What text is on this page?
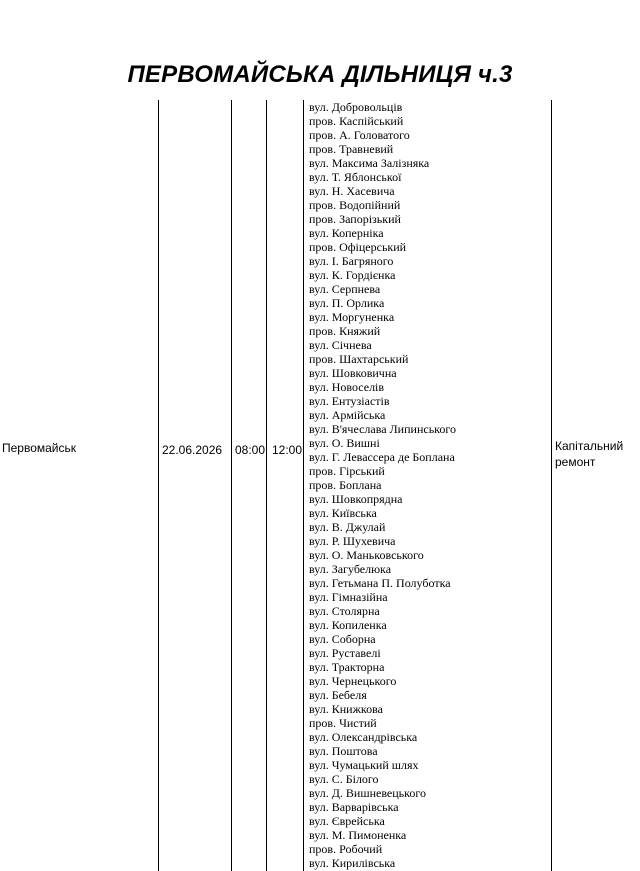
ПЕРВОМАЙСЬКА ДІЛЬНИЦЯ ч.3
Первомайськ	22.06.2026 08:00 12:00
вул. Добровольців
пров. Каспійський
пров. А. Головатого
пров. Травневий
вул. Максима Залізняка
вул. Т. Яблонської
вул. Н. Хасевича
пров. Водопійний
пров. Запорізький
вул. Коперніка
пров. Офіцерський
вул. І. Багряного
вул. К. Гордієнка
вул. Серпнева
вул. П. Орлика
вул. Моргуненка
пров. Княжий
вул. Січнева
пров. Шахтарський
вул. Шовковична
вул. Новоселів
вул. Ентузіастів
вул. Армійська
вул. В'ячеслава Липинського
вул. О. Вишні
вул. Г. Левассера де Боплана
пров. Гірський
пров. Боплана
вул. Шовкопрядна
вул. Київська
вул. В. Джулай
вул. Р. Шухевича
вул. О. Маньковського
вул. Загубелюка
вул. Гетьмана П. Полуботка
вул. Гімназійна
вул. Столярна
вул. Копиленка
вул. Соборна
вул. Руставелі
вул. Тракторна
вул. Чернецького
вул. Бебеля
вул. Книжкова
пров. Чистий
вул. Олександрівська
вул. Поштова
вул. Чумацький шлях
вул. С. Білого
вул. Д. Вишневецького
вул. Варварівська
вул. Єврейська
вул. М. Пимоненка
пров. Робочий
вул. Кирилівська
Капітальний ремонт
